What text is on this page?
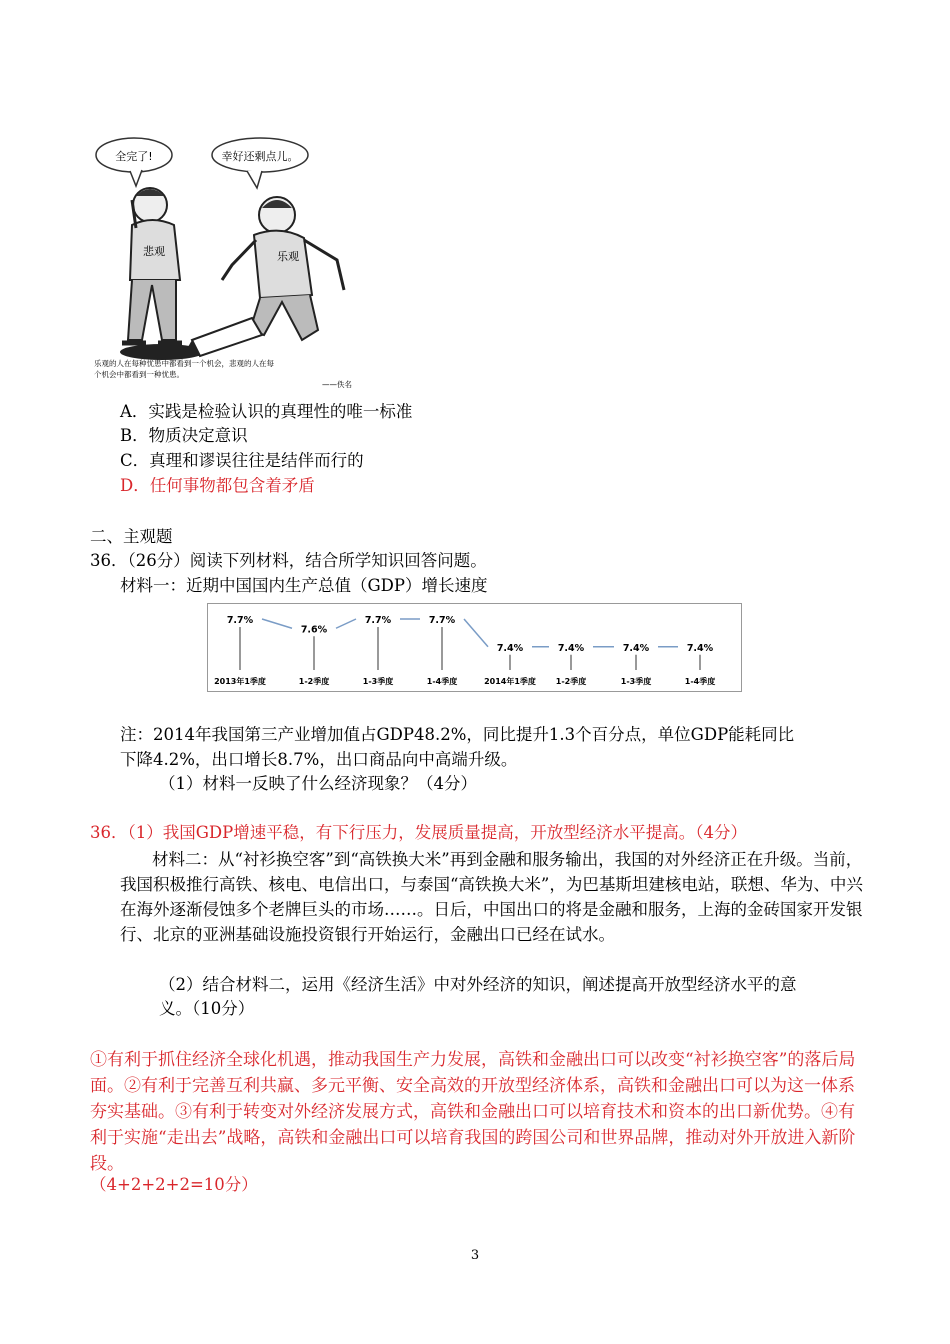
全完了!	幸好还剩点儿。
悲观	乐观
乐观的人在每种忧患中都看到一个机会，悲观的人在每
个机会中都看到一种忧患。
——佚名
A．实践是检验认识的真理性的唯一标准
B．物质决定意识
C．真理和谬误往往是结伴而行的
D．任何事物都包含着矛盾
二、主观题
36．（26分）阅读下列材料，结合所学知识回答问题。
材料一：近期中国国内生产总值（GDP）增长速度
7.7%
2013年1季度
7.6%
1-2季度
7.7%
1-3季度
7.7%
1-4季度
7.4%
2014年1季度
7.4%
1-2季度
7.4%
1-3季度
7.4%
1-4季度
注：2014年我国第三产业增加值占GDP48.2%，同比提升1.3个百分点，单位GDP能耗同比
下降4.2%，出口增长8.7%，出口商品向中高端升级。
（1）材料一反映了什么经济现象？（4分）
36．（1）我国GDP增速平稳，有下行压力，发展质量提高，开放型经济水平提高。（4分）
材料二：从“衬衫换空客”到“高铁换大米”再到金融和服务输出，我国的对外经济正在升级。当前，我国积极推行高铁、核电、电信出口，与泰国“高铁换大米”，为巴基斯坦建核电站，联想、华为、中兴在海外逐渐侵蚀多个老牌巨头的市场……。日后，中国出口的将是金融和服务，上海的金砖国家开发银行、北京的亚洲基础设施投资银行开始运行，金融出口已经在试水。
（2）结合材料二，运用《经济生活》中对外经济的知识，阐述提高开放型经济水平的意
义。（10分）
①有利于抓住经济全球化机遇，推动我国生产力发展，高铁和金融出口可以改变“衬衫换空客”的落后局面。②有利于完善互利共赢、多元平衡、安全高效的开放型经济体系，高铁和金融出口可以为这一体系夯实基础。③有利于转变对外经济发展方式，高铁和金融出口可以培育技术和资本的出口新优势。④有利于实施“走出去”战略，高铁和金融出口可以培育我国的跨国公司和世界品牌，推动对外开放进入新阶段。
（4+2+2+2=10分）
3
